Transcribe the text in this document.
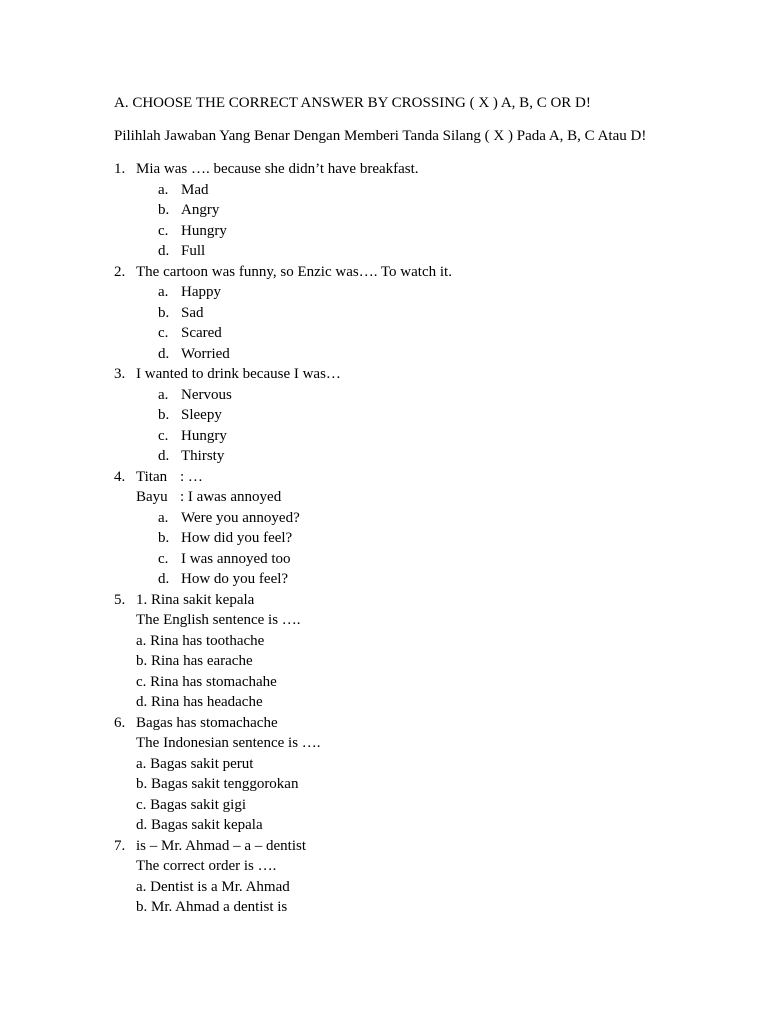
A. CHOOSE THE CORRECT ANSWER BY CROSSING ( X ) A, B, C OR D!
Pilihlah Jawaban Yang Benar Dengan Memberi Tanda Silang ( X ) Pada A, B, C Atau D!
1. Mia was …. because she didn’t have breakfast.
a. Mad
b. Angry
c. Hungry
d. Full
2. The cartoon was funny, so Enzic was…. To watch it.
a. Happy
b. Sad
c. Scared
d. Worried
3. I wanted to drink because I was…
a. Nervous
b. Sleepy
c. Hungry
d. Thirsty
4. Titan : …
Bayu : I awas annoyed
a. Were you annoyed?
b. How did you feel?
c. I was annoyed too
d. How do you feel?
5. 1. Rina sakit kepala
The English sentence is ….
a. Rina has toothache
b. Rina has earache
c. Rina has stomachahe
d. Rina has headache
6. Bagas has stomachache
The Indonesian sentence is ….
a. Bagas sakit perut
b. Bagas sakit tenggorokan
c. Bagas sakit gigi
d. Bagas sakit kepala
7. is – Mr. Ahmad – a – dentist
The correct order is ….
a. Dentist is a Mr. Ahmad
b. Mr. Ahmad a dentist is
